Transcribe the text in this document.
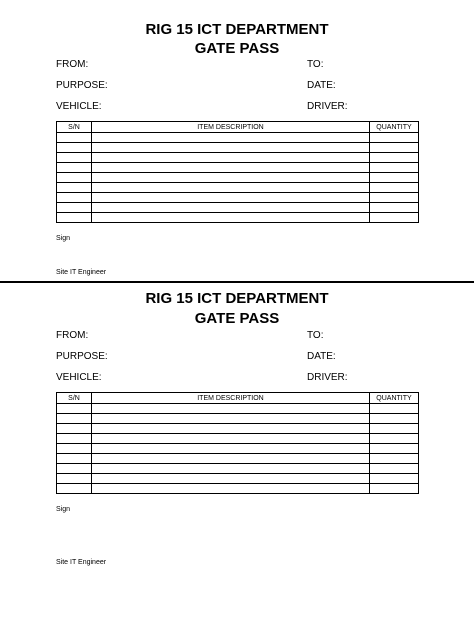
RIG 15 ICT DEPARTMENT
GATE PASS
FROM:	TO:
PURPOSE:	DATE:
VEHICLE:	DRIVER:
S/N	ITEM DESCRIPTION	QUANTITY

Sign
Site IT Engineer
RIG 15 ICT DEPARTMENT
GATE PASS
FROM:	TO:
PURPOSE:	DATE:
VEHICLE:	DRIVER:
S/N	ITEM DESCRIPTION	QUANTITY

Sign
Site IT Engineer
